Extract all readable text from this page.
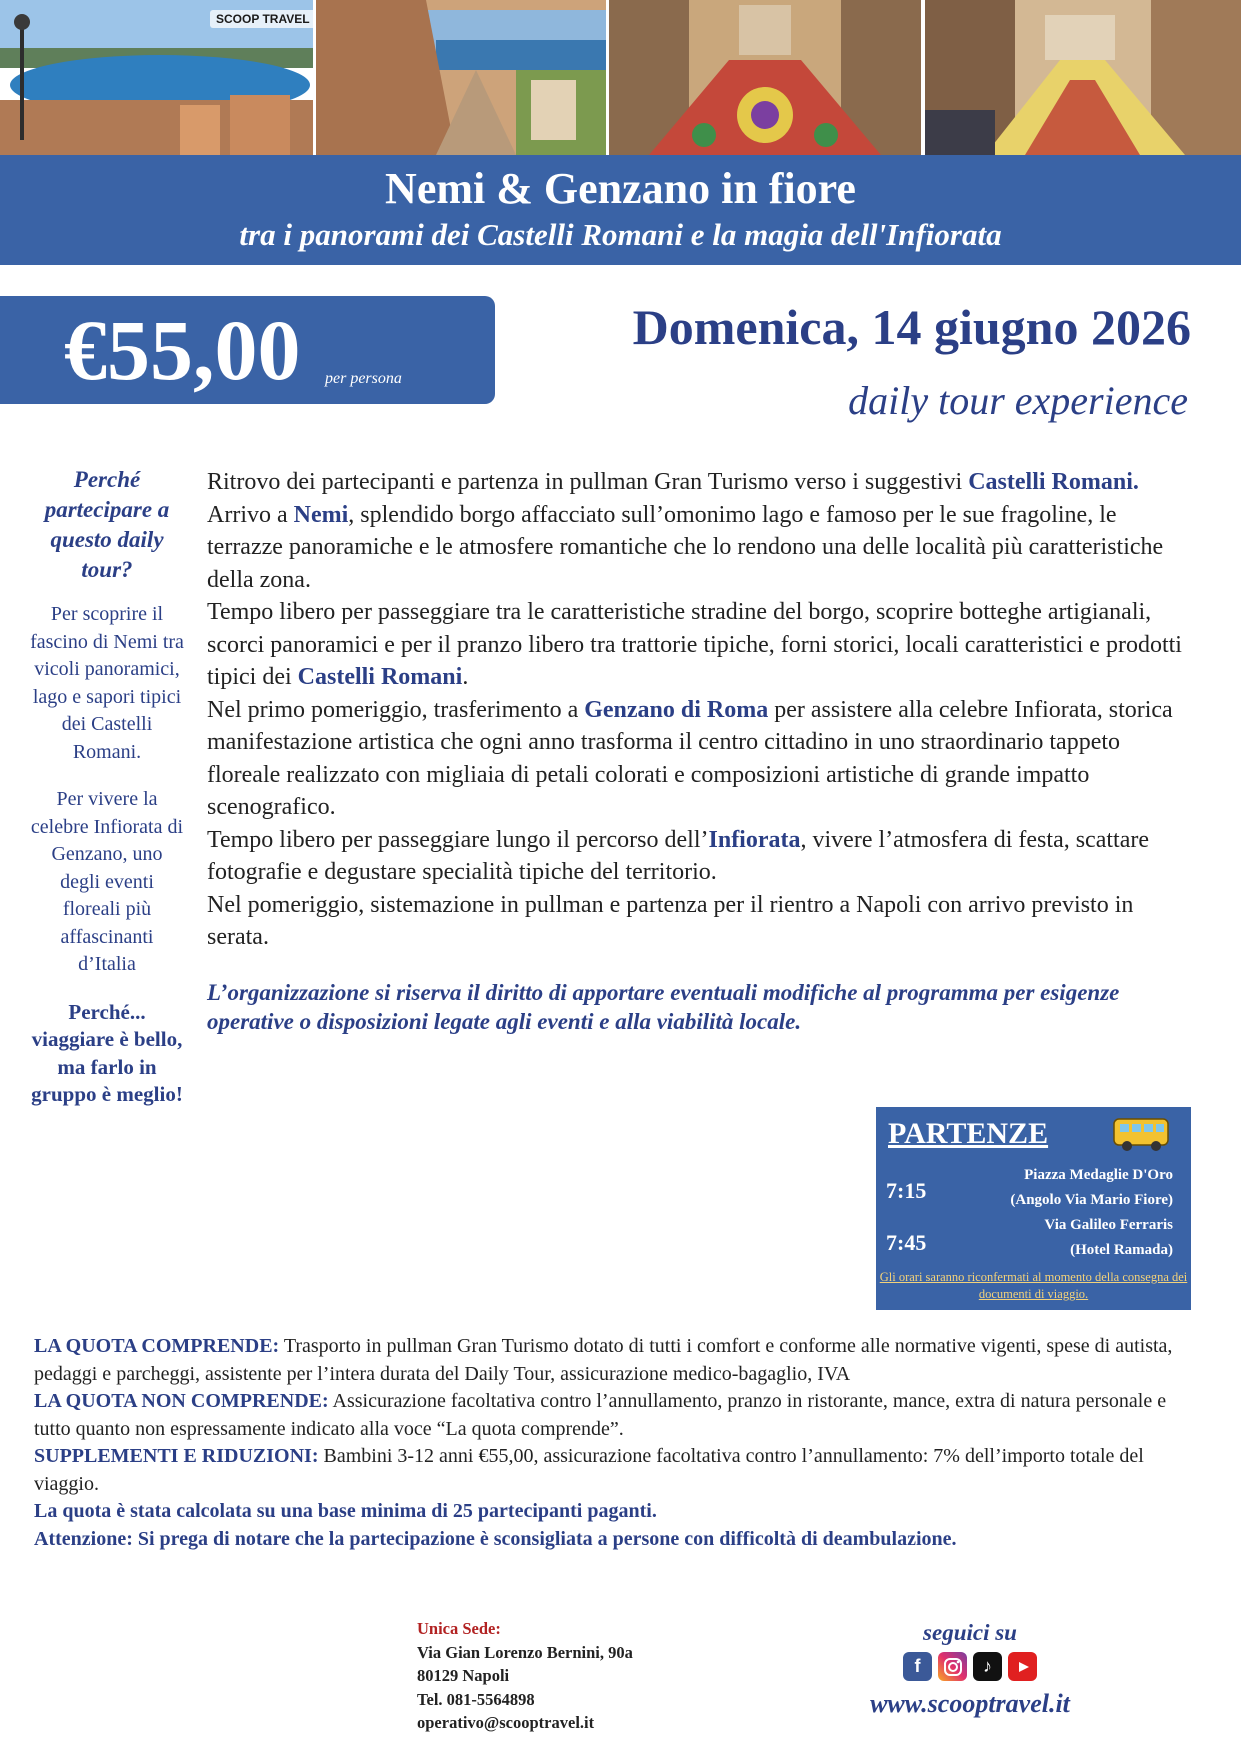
SCOOP TRAVEL
Nemi & Genzano in fiore
tra i panorami dei Castelli Romani e la magia dell'Infiorata
€55,00 per persona
Domenica, 14 giugno 2026
daily tour experience
Perché partecipare a questo daily tour?
Per scoprire il fascino di Nemi tra vicoli panoramici, lago e sapori tipici dei Castelli Romani.
Per vivere la celebre Infiorata di Genzano, uno degli eventi floreali più affascinanti d’Italia
Perché... viaggiare è bello, ma farlo in gruppo è meglio!

Ritrovo dei partecipanti e partenza in pullman Gran Turismo verso i suggestivi Castelli Romani.

Arrivo a Nemi, splendido borgo affacciato sull’omonimo lago e famoso per le sue fragoline, le terrazze panoramiche e le atmosfere romantiche che lo rendono una delle località più caratteristiche della zona.

Tempo libero per passeggiare tra le caratteristiche stradine del borgo, scoprire botteghe artigianali, scorci panoramici e per il pranzo libero tra trattorie tipiche, forni storici, locali caratteristici e prodotti tipici dei Castelli Romani.

Nel primo pomeriggio, trasferimento a Genzano di Roma per assistere alla celebre Infiorata, storica manifestazione artistica che ogni anno trasforma il centro cittadino in uno straordinario tappeto floreale realizzato con migliaia di petali colorati e composizioni artistiche di grande impatto scenografico.

Tempo libero per passeggiare lungo il percorso dell’Infiorata, vivere l’atmosfera di festa, scattare fotografie e degustare specialità tipiche del territorio.

Nel pomeriggio, sistemazione in pullman e partenza per il rientro a Napoli con arrivo previsto in serata.

L’organizzazione si riserva il diritto di apportare eventuali modifiche al programma per esigenze operative o disposizioni legate agli eventi e alla viabilità locale.

PARTENZE
7:15
Piazza Medaglie D'Oro
(Angolo Via Mario Fiore)
7:45
Via Galileo Ferraris
(Hotel Ramada)
Gli orari saranno riconfermati al momento della consegna dei documenti di viaggio.

LA QUOTA COMPRENDE: Trasporto in pullman Gran Turismo dotato di tutti i comfort e conforme alle normative vigenti, spese di autista, pedaggi e parcheggi, assistente per l’intera durata del Daily Tour, assicurazione medico-bagaglio, IVA

LA QUOTA NON COMPRENDE: Assicurazione facoltativa contro l’annullamento, pranzo in ristorante, mance, extra di natura personale e tutto quanto non espressamente indicato alla voce “La quota comprende”.

SUPPLEMENTI E RIDUZIONI: Bambini 3-12 anni €55,00, assicurazione facoltativa contro l’annullamento: 7% dell’importo totale del viaggio.

La quota è stata calcolata su una base minima di 25 partecipanti paganti.

Attenzione: Si prega di notare che la partecipazione è sconsigliata a persone con difficoltà di deambulazione.

Unica Sede:
Via Gian Lorenzo Bernini, 90a
80129 Napoli
Tel. 081-5564898
operativo@scooptravel.it
seguici su
f	♪
www.scooptravel.it
